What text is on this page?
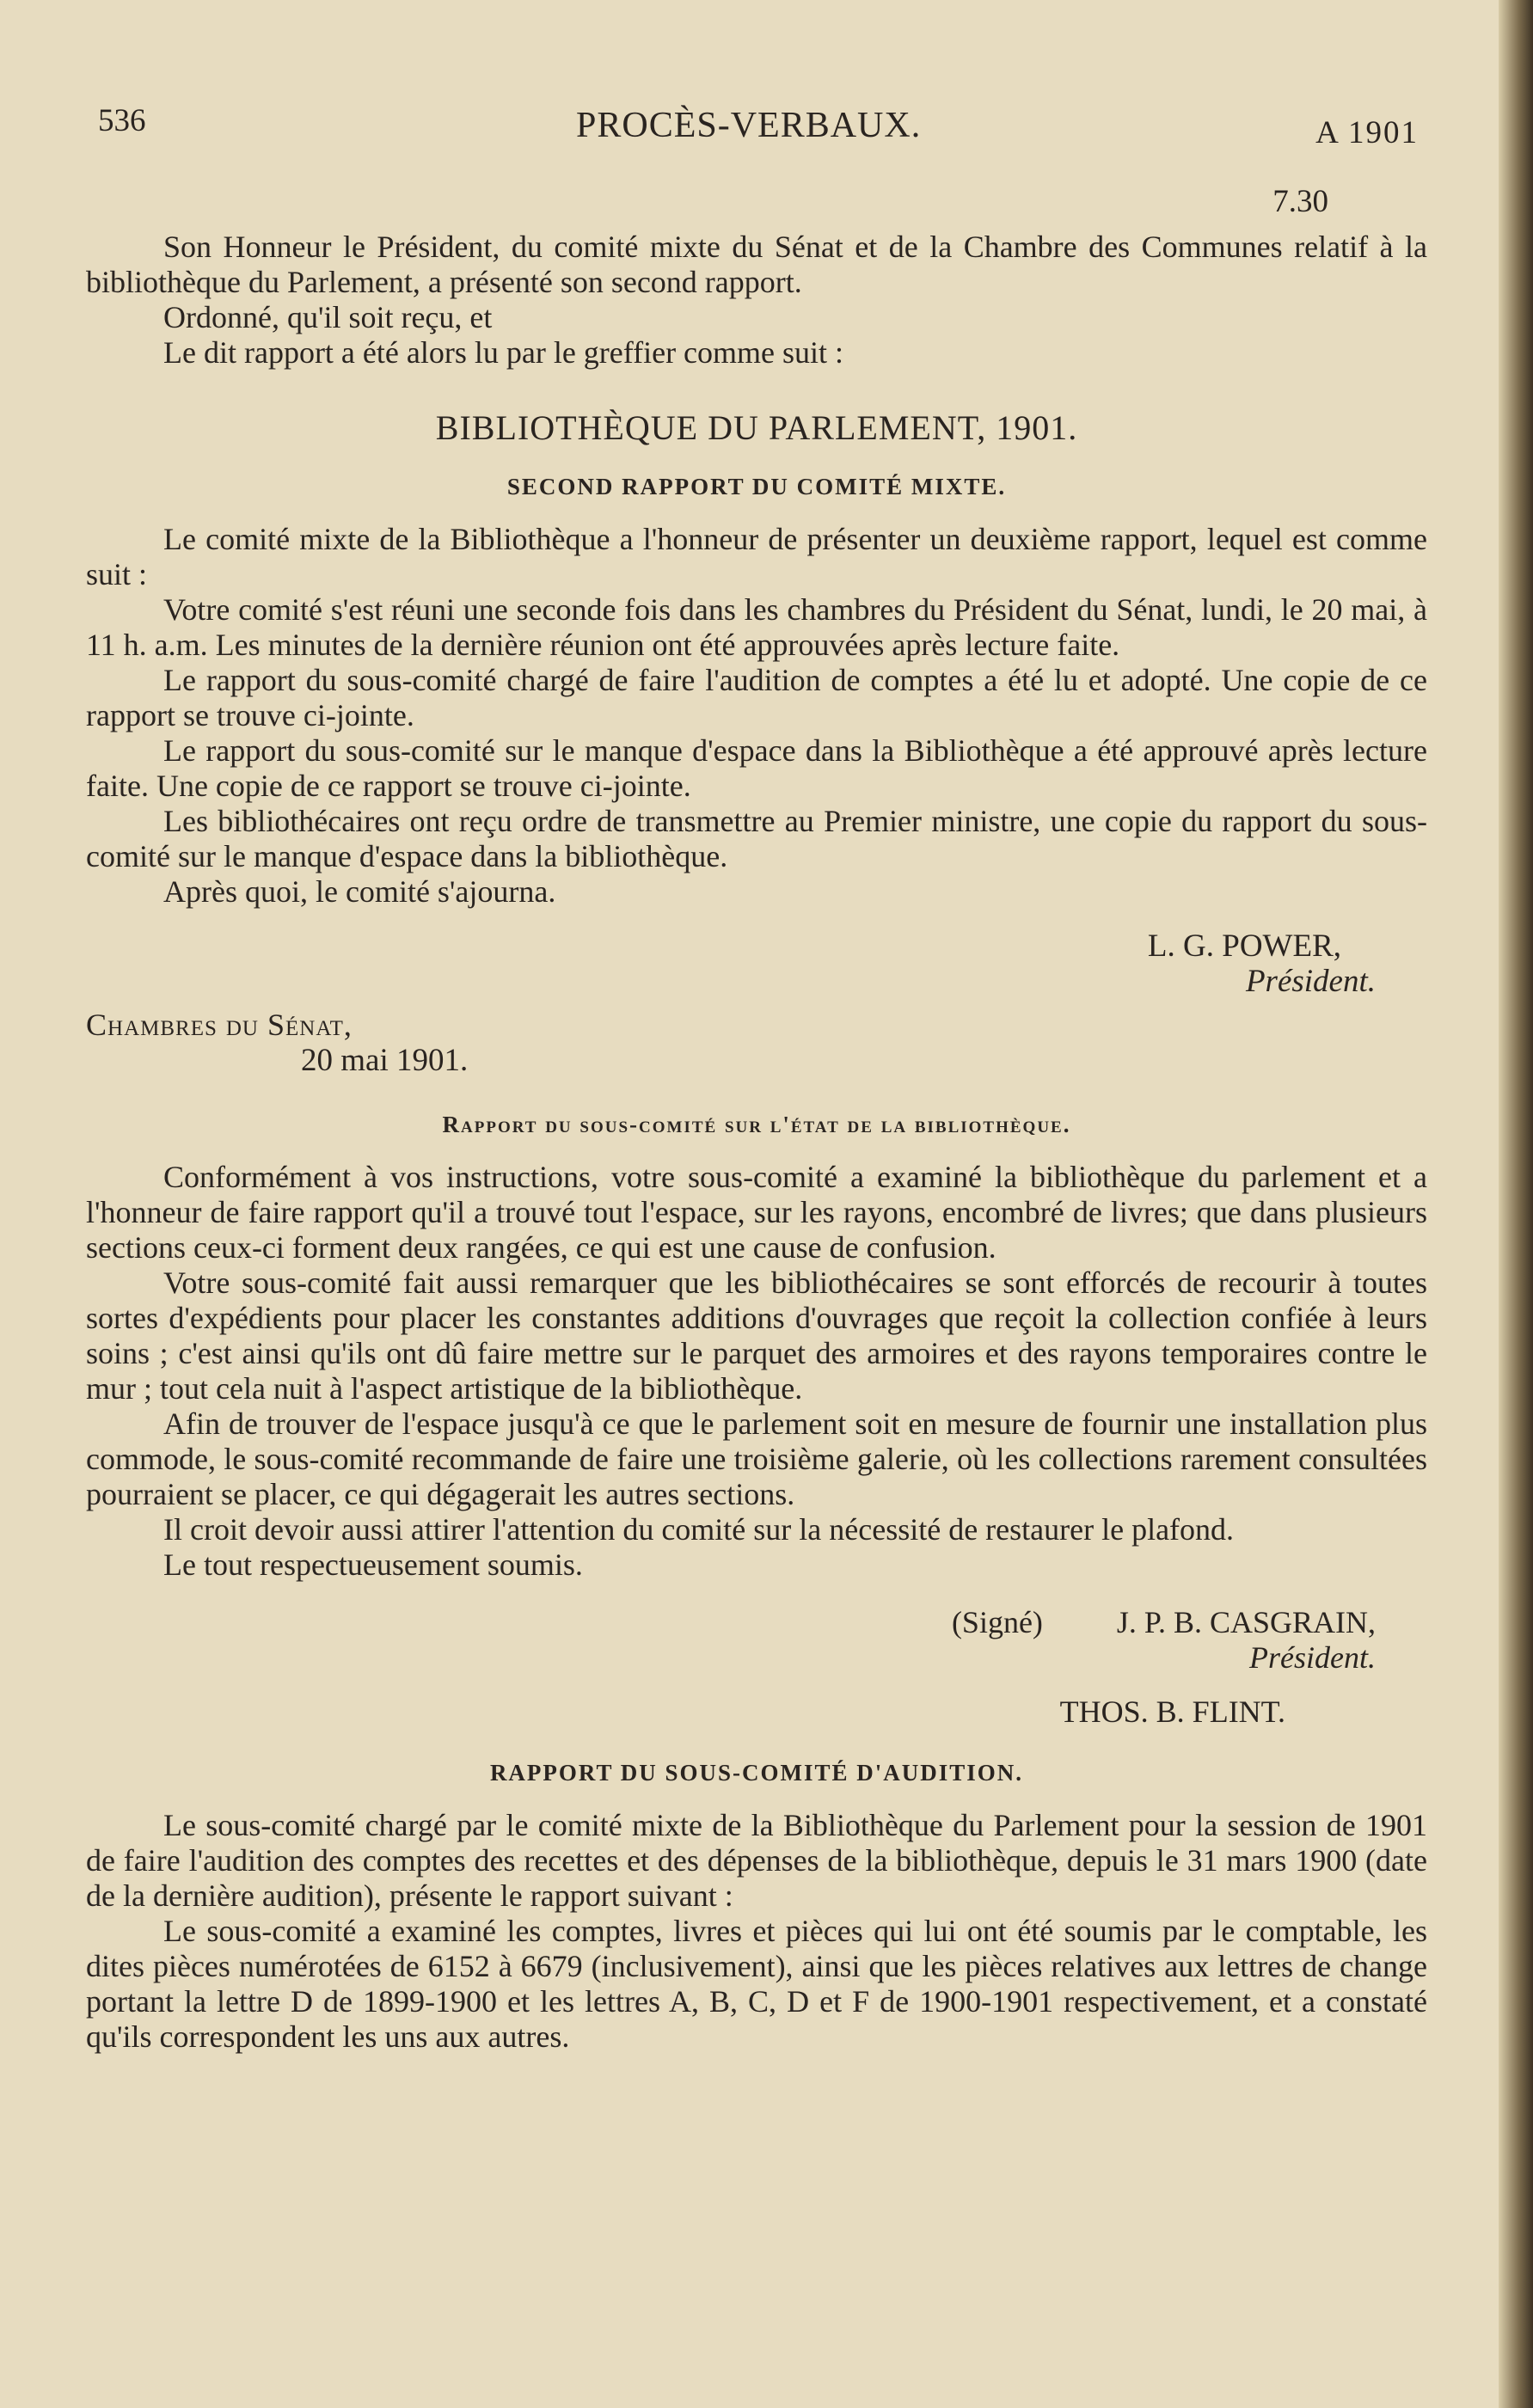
536	PROCÈS-VERBAUX.	A 1901
7.30

Son Honneur le Président, du comité mixte du Sénat et de la Chambre des Communes relatif à la bibliothèque du Parlement, a présenté son second rapport.

Ordonné, qu'il soit reçu, et

Le dit rapport a été alors lu par le greffier comme suit :

BIBLIOTHÈQUE DU PARLEMENT, 1901.
SECOND RAPPORT DU COMITÉ MIXTE.

Le comité mixte de la Bibliothèque a l'honneur de présenter un deuxième rapport, lequel est comme suit :

Votre comité s'est réuni une seconde fois dans les chambres du Président du Sénat, lundi, le 20 mai, à 11 h. a.m. Les minutes de la dernière réunion ont été approuvées après lecture faite.

Le rapport du sous-comité chargé de faire l'audition de comptes a été lu et adopté. Une copie de ce rapport se trouve ci-jointe.

Le rapport du sous-comité sur le manque d'espace dans la Bibliothèque a été approuvé après lecture faite. Une copie de ce rapport se trouve ci-jointe.

Les bibliothécaires ont reçu ordre de transmettre au Premier ministre, une copie du rapport du sous-comité sur le manque d'espace dans la bibliothèque.

Après quoi, le comité s'ajourna.

L. G. POWER,
Président.
Chambres du Sénat,
20 mai 1901.
Rapport du sous-comité sur l'état de la bibliothèque.

Conformément à vos instructions, votre sous-comité a examiné la bibliothèque du parlement et a l'honneur de faire rapport qu'il a trouvé tout l'espace, sur les rayons, encombré de livres; que dans plusieurs sections ceux-ci forment deux rangées, ce qui est une cause de confusion.

Votre sous-comité fait aussi remarquer que les bibliothécaires se sont efforcés de recourir à toutes sortes d'expédients pour placer les constantes additions d'ouvrages que reçoit la collection confiée à leurs soins ; c'est ainsi qu'ils ont dû faire mettre sur le parquet des armoires et des rayons temporaires contre le mur ; tout cela nuit à l'aspect artistique de la bibliothèque.

Afin de trouver de l'espace jusqu'à ce que le parlement soit en mesure de fournir une installation plus commode, le sous-comité recommande de faire une troisième galerie, où les collections rarement consultées pourraient se placer, ce qui dégagerait les autres sections.

Il croit devoir aussi attirer l'attention du comité sur la nécessité de restaurer le plafond.

Le tout respectueusement soumis.

(Signé) J. P. B. CASGRAIN,
Président.
THOS. B. FLINT.
RAPPORT DU SOUS-COMITÉ D'AUDITION.

Le sous-comité chargé par le comité mixte de la Bibliothèque du Parlement pour la session de 1901 de faire l'audition des comptes des recettes et des dépenses de la bibliothèque, depuis le 31 mars 1900 (date de la dernière audition), présente le rapport suivant :

Le sous-comité a examiné les comptes, livres et pièces qui lui ont été soumis par le comptable, les dites pièces numérotées de 6152 à 6679 (inclusivement), ainsi que les pièces relatives aux lettres de change portant la lettre D de 1899-1900 et les lettres A, B, C, D et F de 1900-1901 respectivement, et a constaté qu'ils correspondent les uns aux autres.
